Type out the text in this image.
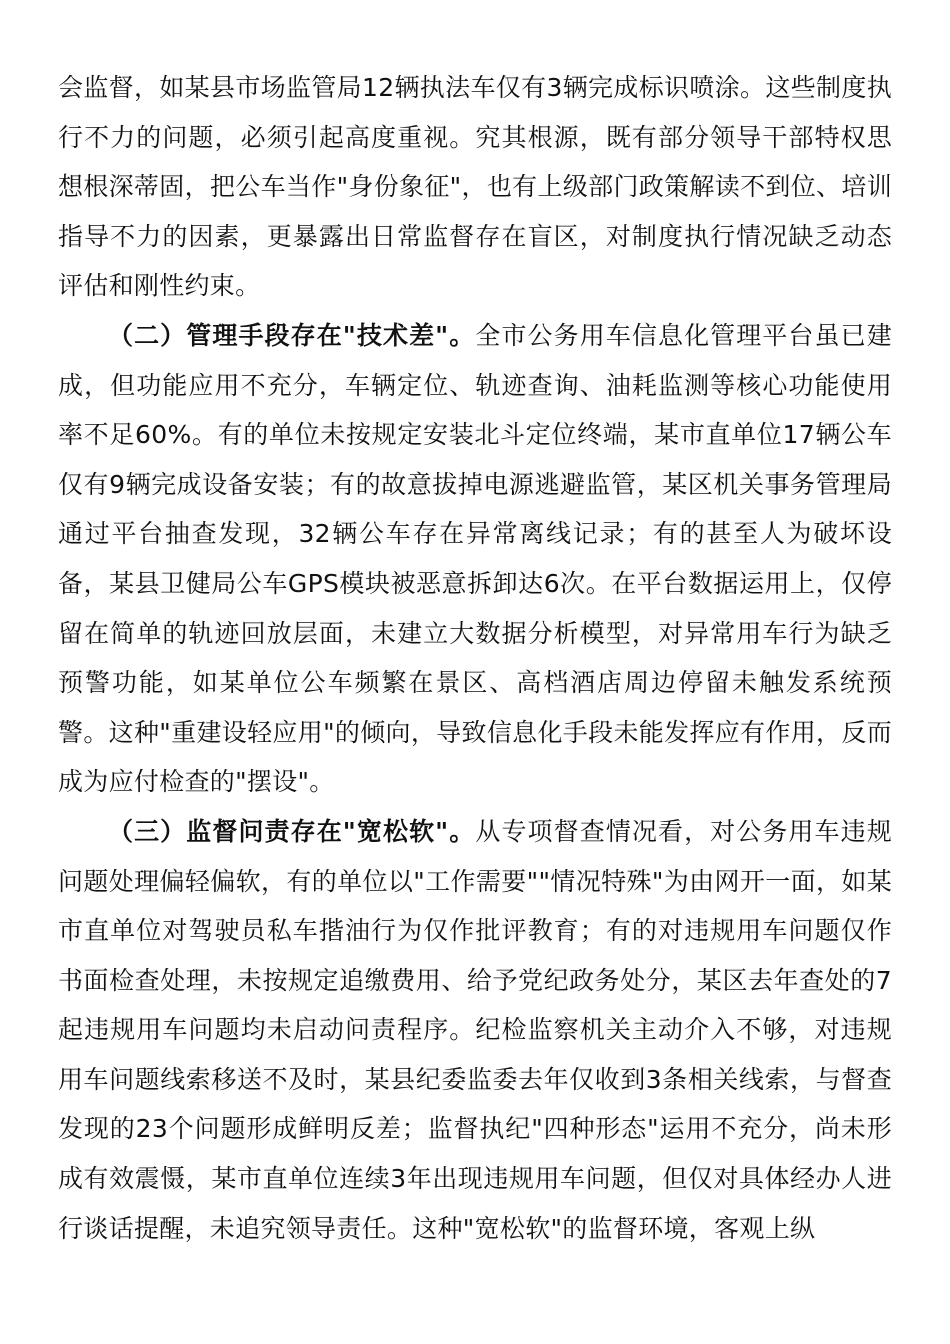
会监督，如某县市场监管局12辆执法车仅有3辆完成标识喷涂。这些制度执行不力的问题，必须引起高度重视。究其根源，既有部分领导干部特权思想根深蒂固，把公车当作"身份象征"，也有上级部门政策解读不到位、培训指导不力的因素，更暴露出日常监督存在盲区，对制度执行情况缺乏动态评估和刚性约束。

（二）管理手段存在"技术差"。全市公务用车信息化管理平台虽已建成，但功能应用不充分，车辆定位、轨迹查询、油耗监测等核心功能使用率不足60%。有的单位未按规定安装北斗定位终端，某市直单位17辆公车仅有9辆完成设备安装；有的故意拔掉电源逃避监管，某区机关事务管理局通过平台抽查发现，32辆公车存在异常离线记录；有的甚至人为破坏设备，某县卫健局公车GPS模块被恶意拆卸达6次。在平台数据运用上，仅停留在简单的轨迹回放层面，未建立大数据分析模型，对异常用车行为缺乏预警功能，如某单位公车频繁在景区、高档酒店周边停留未触发系统预警。这种"重建设轻应用"的倾向，导致信息化手段未能发挥应有作用，反而成为应付检查的"摆设"。

（三）监督问责存在"宽松软"。从专项督查情况看，对公务用车违规问题处理偏轻偏软，有的单位以"工作需要""情况特殊"为由网开一面，如某市直单位对驾驶员私车揩油行为仅作批评教育；有的对违规用车问题仅作书面检查处理，未按规定追缴费用、给予党纪政务处分，某区去年查处的7起违规用车问题均未启动问责程序。纪检监察机关主动介入不够，对违规用车问题线索移送不及时，某县纪委监委去年仅收到3条相关线索，与督查发现的23个问题形成鲜明反差；监督执纪"四种形态"运用不充分，尚未形成有效震慑，某市直单位连续3年出现违规用车问题，但仅对具体经办人进行谈话提醒，未追究领导责任。这种"宽松软"的监督环境，客观上纵
